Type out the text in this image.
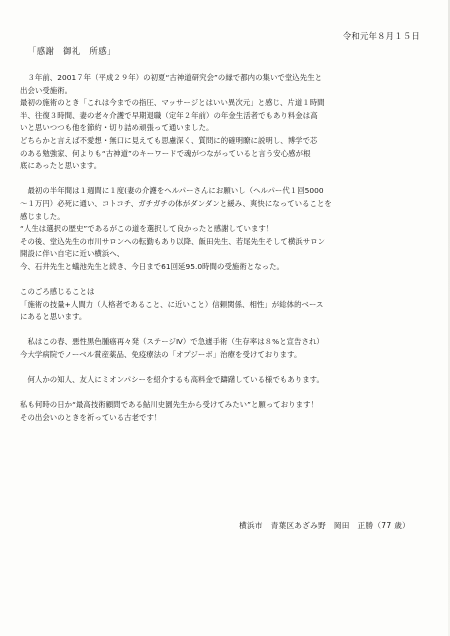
令和元年８月１５日
「感謝　御礼　所感」
　３年前、2001７年（平成２９年）の初夏“古神道研究会”の縁で都内の集いで堂込先生と
出会い受施術。
最初の施術のとき「これは今までの指圧、マッサージとはいい異次元」と感じ、片道１時間
半、往復３時間、妻の老々介護で早期退職（定年２年前）の年金生活者でもあり料金は高
いと思いつつも他を節約・切り詰め頑張って通いました。
どちらかと言えば不愛想・無口に見えても思慮深く、質問に的確明瞭に説明し、博学で芯
のある勉強家、何よりも“古神道”のキーワードで魂がつながっていると言う安心感が根
底にあったと思います。
　最初の半年間は１週間に１度(妻の介護をヘルパーさんにお願いし（ヘルパー代１回5000
～１万円）必死に通い、コトコチ、ガチガチの体がダンダンと緩み、爽快になっていることを
感じました。
“人生は選択の歴史”であるがこの道を選択して良かったと感謝しています！
その後、堂込先生の市川サロンへの転勤もあり以降、飯田先生、若尾先生そして横浜サロン
開設に伴い自宅に近い横浜へ、
今、石井先生と蟻池先生と続き、今日まで61回延95.0時間の受施術となった。
このごろ感じることは
「施術の技量+人間力（人格者であること、に近いこと）信頼関係、相性」が総体的ベース
にあると思います。
　私はこの春、悪性黒色腫癌再々発（ステージⅣ）で急遽手術（生存率は８%と宣告され）
今大学病院でノーベル賞産薬品、免疫療法の「オプジーボ」治療を受けております。
　何人かの知人、友人にミオンパシーを紹介するも高料金で躊躇している様でもあります。
私も何時の日か“最高技術顧問である鮎川史園先生から受けてみたい”と願っております！
その出会いのときを祈っている古老です！
横浜市　青葉区あざみ野　岡田　正勝（77 歳）
